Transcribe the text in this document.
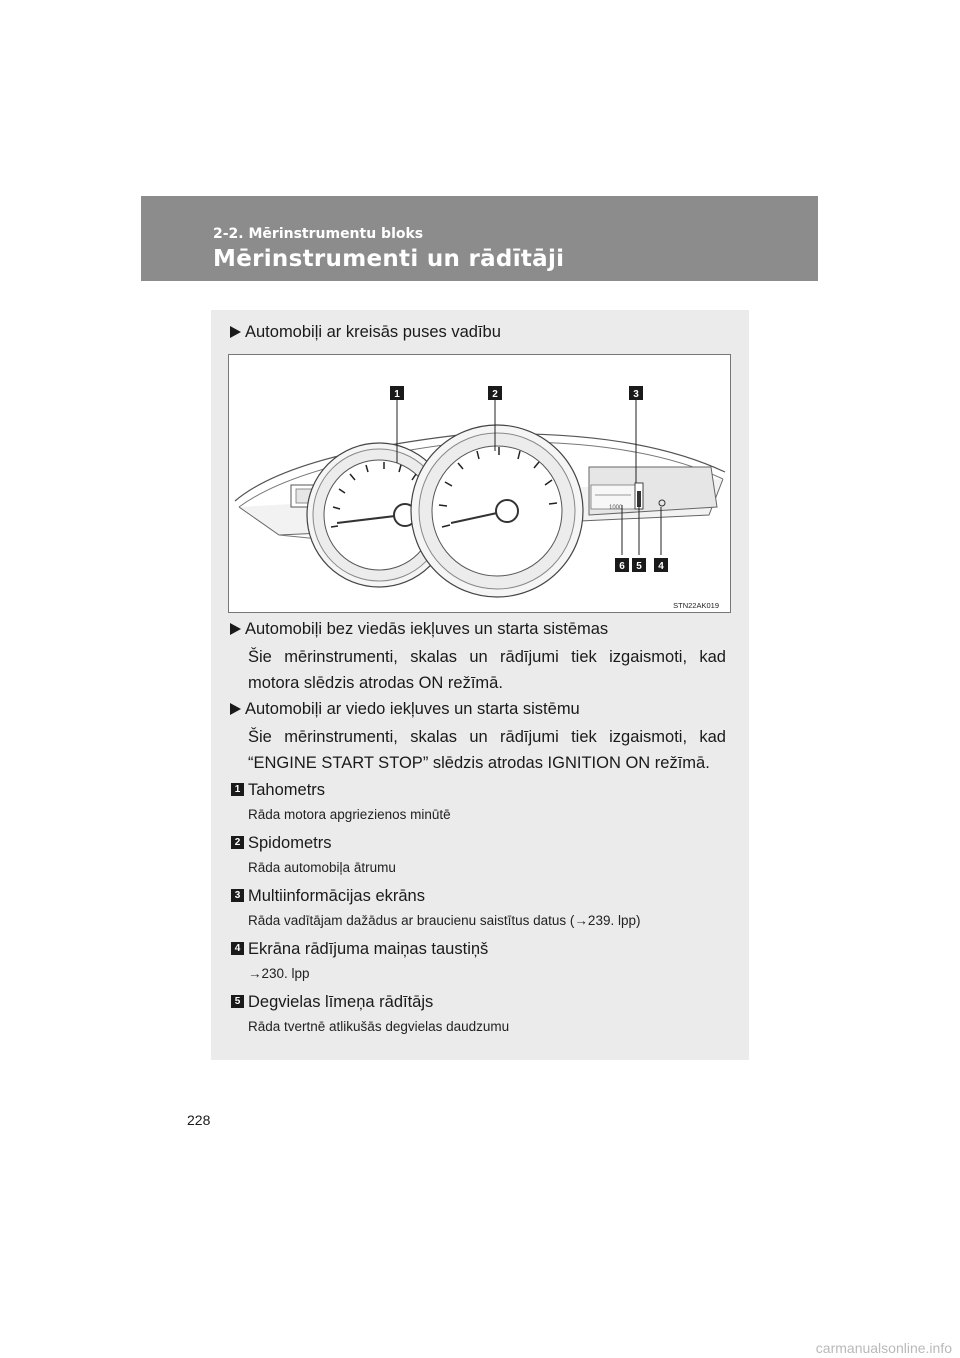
2-2. Mērinstrumentu bloks
Mērinstrumenti un rādītāji
Automobiļi ar kreisās puses vadību
1000
1	2	3
6 5 4
STN22AK019
Automobiļi bez viedās iekļuves un starta sistēmas
Šie mērinstrumenti, skalas un rādījumi tiek izgaismoti, kad motora slēdzis atrodas ON režīmā.
Automobiļi ar viedo iekļuves un starta sistēmu
Šie mērinstrumenti, skalas un rādījumi tiek izgaismoti, kad “ENGINE START STOP” slēdzis atrodas IGNITION ON režīmā.
1 Tahometrs
Rāda motora apgriezienos minūtē
2 Spidometrs
Rāda automobiļa ātrumu
3 Multiinformācijas ekrāns
Rāda vadītājam dažādus ar braucienu saistītus datus (→239. lpp)
4 Ekrāna rādījuma maiņas taustiņš
→230. lpp
5 Degvielas līmeņa rādītājs
Rāda tvertnē atlikušās degvielas daudzumu
228
carmanualsonline.info
